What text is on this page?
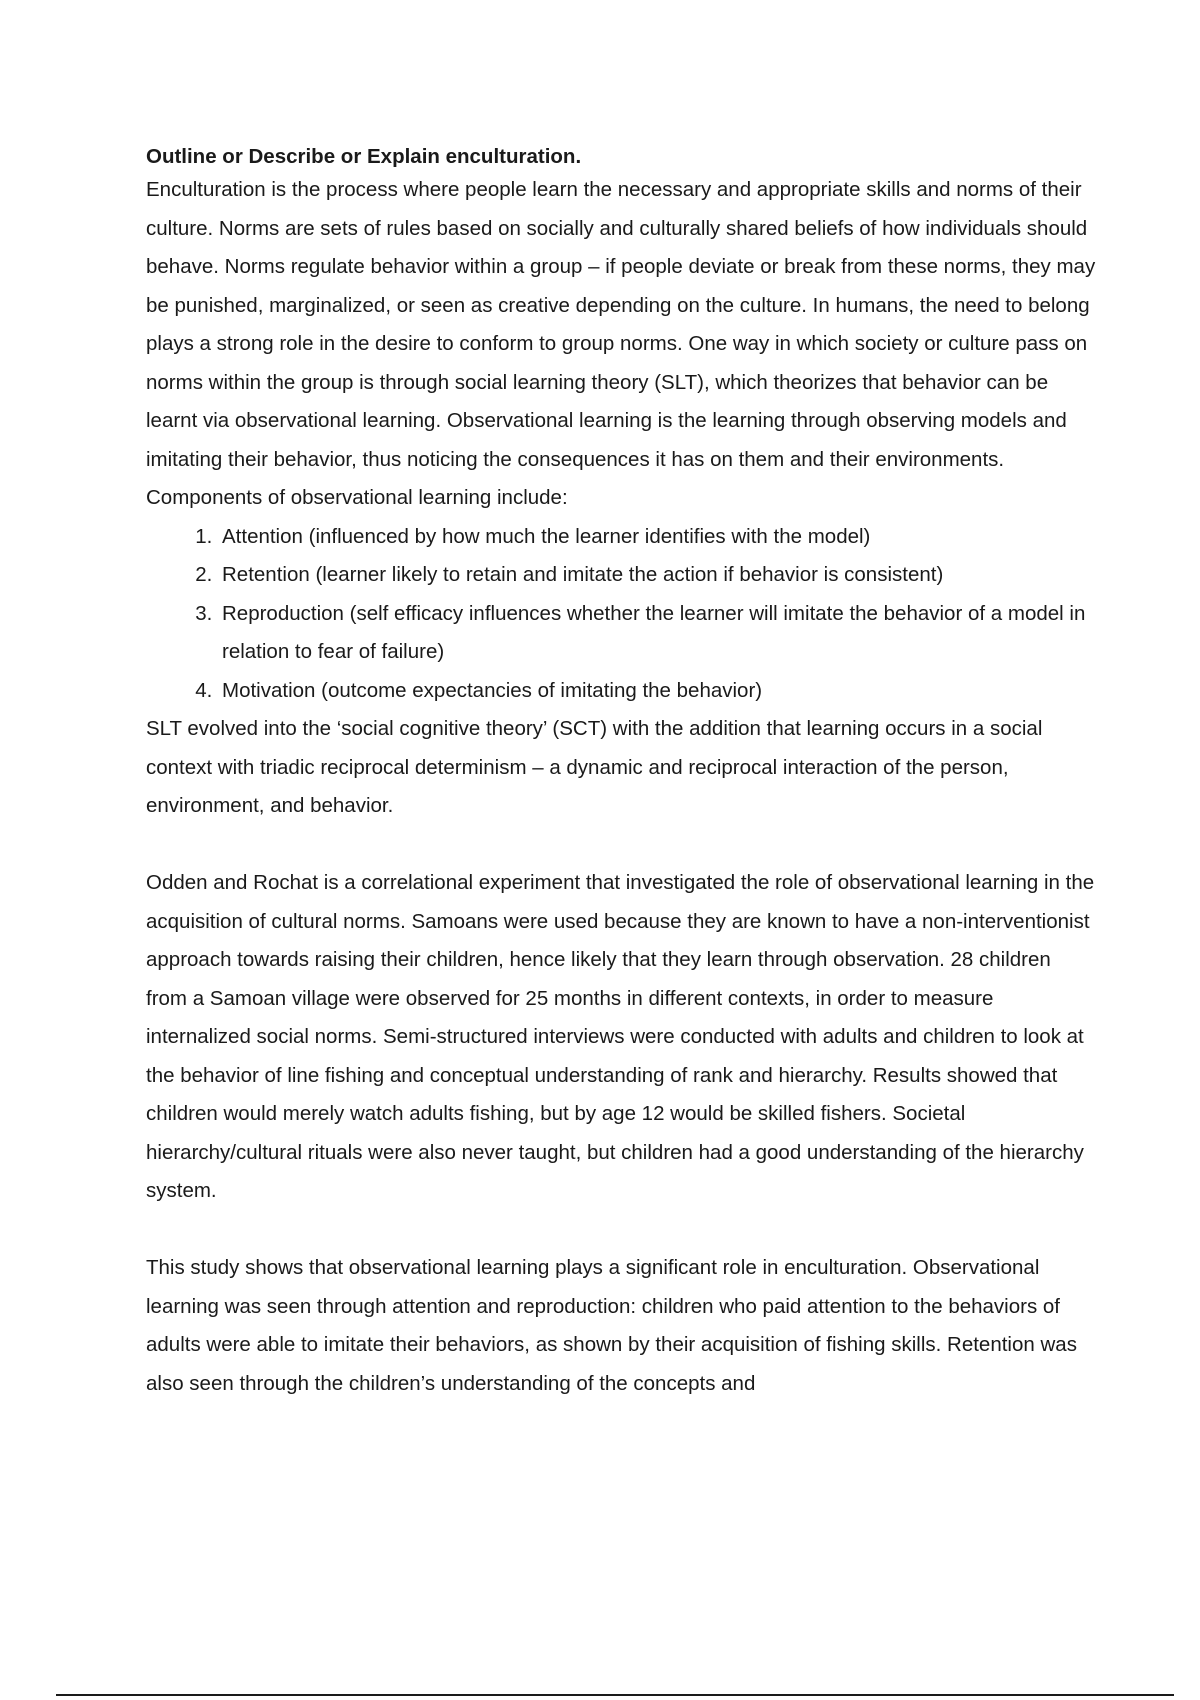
Outline or Describe or Explain enculturation.

Enculturation is the process where people learn the necessary and appropriate skills and norms of their culture. Norms are sets of rules based on socially and culturally shared beliefs of how individuals should behave. Norms regulate behavior within a group – if people deviate or break from these norms, they may be punished, marginalized, or seen as creative depending on the culture. In humans, the need to belong plays a strong role in the desire to conform to group norms. One way in which society or culture pass on norms within the group is through social learning theory (SLT), which theorizes that behavior can be learnt via observational learning. Observational learning is the learning through observing models and imitating their behavior, thus noticing the consequences it has on them and their environments. Components of observational learning include:

1. Attention (influenced by how much the learner identifies with the model)
2. Retention (learner likely to retain and imitate the action if behavior is consistent)
3. Reproduction (self efficacy influences whether the learner will imitate the behavior of a model in relation to fear of failure)
4. Motivation (outcome expectancies of imitating the behavior)

SLT evolved into the ‘social cognitive theory’ (SCT) with the addition that learning occurs in a social context with triadic reciprocal determinism – a dynamic and reciprocal interaction of the person, environment, and behavior.

Odden and Rochat is a correlational experiment that investigated the role of observational learning in the acquisition of cultural norms. Samoans were used because they are known to have a non-interventionist approach towards raising their children, hence likely that they learn through observation. 28 children from a Samoan village were observed for 25 months in different contexts, in order to measure internalized social norms. Semi-structured interviews were conducted with adults and children to look at the behavior of line fishing and conceptual understanding of rank and hierarchy. Results showed that children would merely watch adults fishing, but by age 12 would be skilled fishers. Societal hierarchy/cultural rituals were also never taught, but children had a good understanding of the hierarchy system.

This study shows that observational learning plays a significant role in enculturation. Observational learning was seen through attention and reproduction: children who paid attention to the behaviors of adults were able to imitate their behaviors, as shown by their acquisition of fishing skills. Retention was also seen through the children’s understanding of the concepts and
